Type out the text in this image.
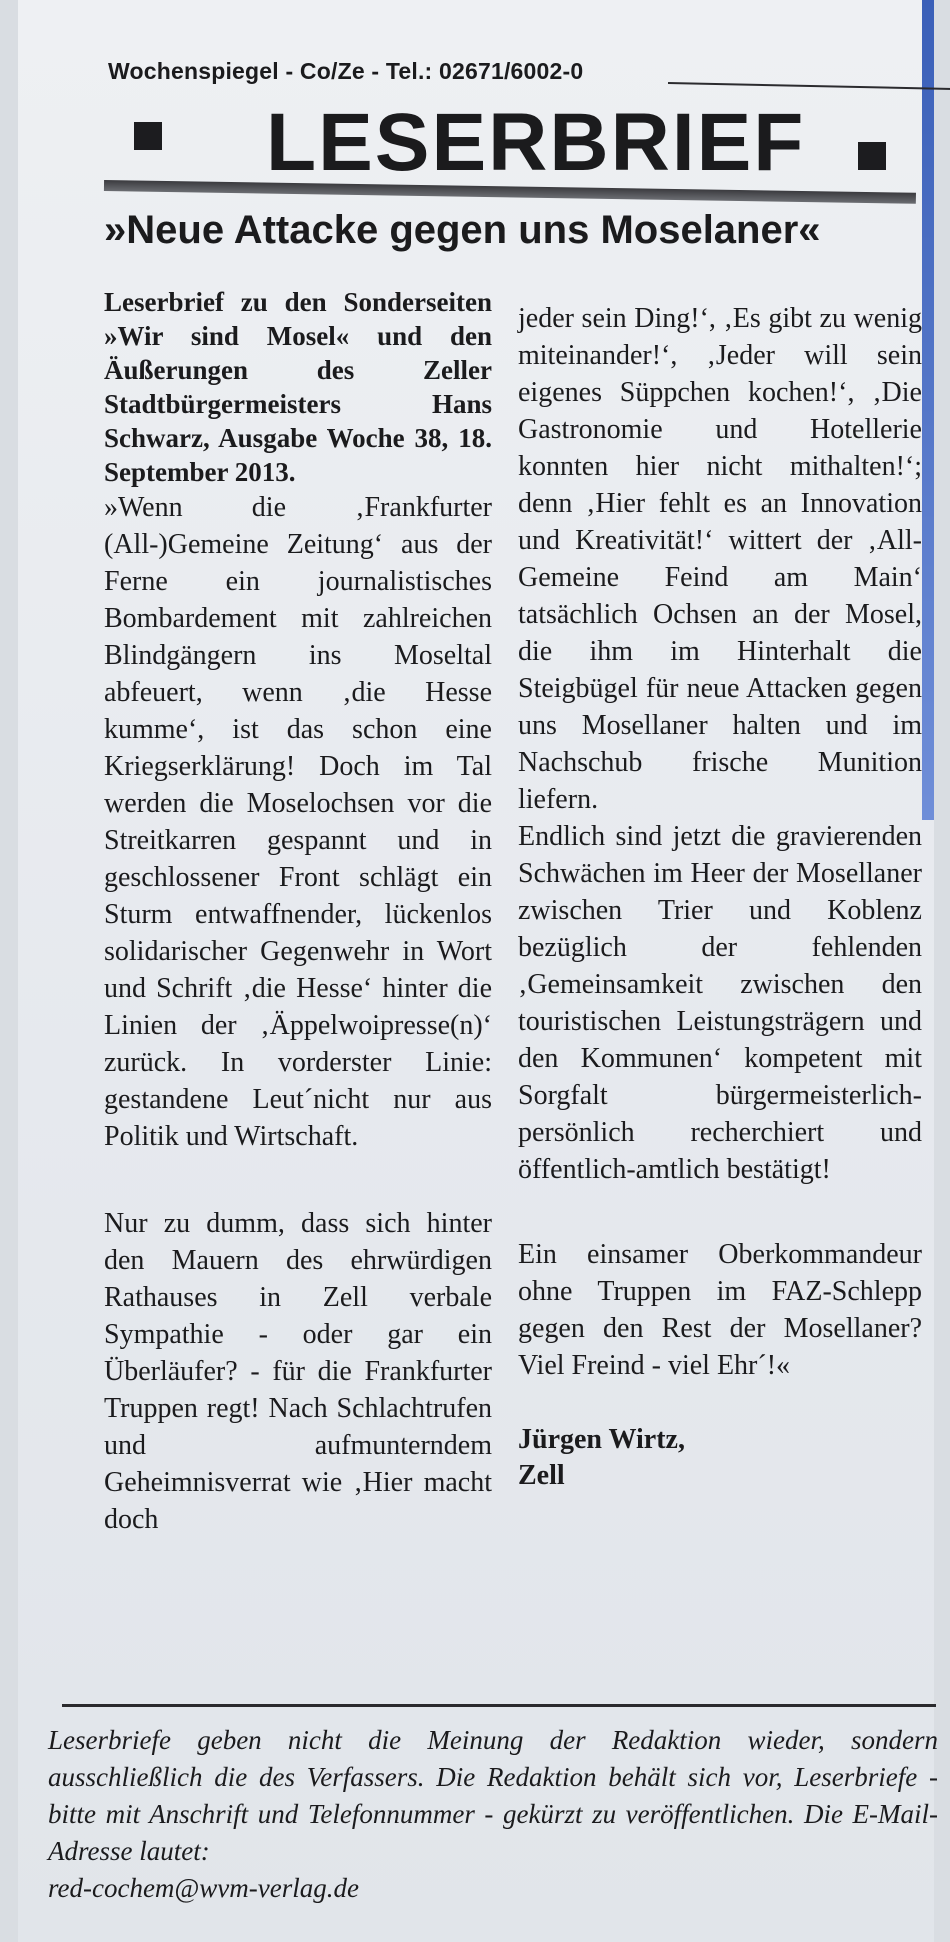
Wochenspiegel - Co/Ze - Tel.: 02671/6002-0
LESERBRIEF
»Neue Attacke gegen uns Moselaner«

Leserbrief zu den Sonderseiten »Wir sind Mosel« und den Äußerungen des Zeller Stadtbürgermeisters Hans Schwarz, Ausgabe Woche 38, 18. September 2013.

»Wenn die ‚Frankfurter (All-)Gemeine Zeitung‘ aus der Ferne ein journalistisches Bombardement mit zahlreichen Blindgängern ins Moseltal abfeuert, wenn ‚die Hesse kumme‘, ist das schon eine Kriegserklärung! Doch im Tal werden die Moselochsen vor die Streitkarren gespannt und in geschlossener Front schlägt ein Sturm entwaffnender, lückenlos solidarischer Gegenwehr in Wort und Schrift ‚die Hesse‘ hinter die Linien der ‚Äppelwoipresse(n)‘ zurück. In vorderster Linie: gestandene Leut´nicht nur aus Politik und Wirtschaft.

Nur zu dumm, dass sich hinter den Mauern des ehrwürdigen Rathauses in Zell verbale Sympathie - oder gar ein Überläufer? - für die Frankfurter Truppen regt! Nach Schlachtrufen und aufmunterndem Geheimnisverrat wie ‚Hier macht doch

jeder sein Ding!‘, ‚Es gibt zu wenig miteinander!‘, ‚Jeder will sein eigenes Süppchen kochen!‘, ‚Die Gastronomie und Hotellerie konnten hier nicht mithalten!‘; denn ‚Hier fehlt es an Innovation und Kreativität!‘ wittert der ‚All-Gemeine Feind am Main‘ tatsächlich Ochsen an der Mosel, die ihm im Hinterhalt die Steigbügel für neue Attacken gegen uns Mosellaner halten und im Nachschub frische Munition liefern.

Endlich sind jetzt die gravierenden Schwächen im Heer der Mosellaner zwischen Trier und Koblenz bezüglich der fehlenden ‚Gemeinsamkeit zwischen den touristischen Leistungsträgern und den Kommunen‘ kompetent mit Sorgfalt bürgermeisterlich-persönlich recherchiert und öffentlich-amtlich bestätigt!

Ein einsamer Oberkommandeur ohne Truppen im FAZ-Schlepp gegen den Rest der Mosellaner? Viel Freind - viel Ehr´!«

Jürgen Wirtz,
Zell

Leserbriefe geben nicht die Meinung der Redaktion wieder, sondern ausschließlich die des Verfassers. Die Redaktion behält sich vor, Leserbriefe - bitte mit Anschrift und Telefonnummer - gekürzt zu veröffentlichen. Die E-Mail-Adresse lautet:
red-cochem@wvm-verlag.de
